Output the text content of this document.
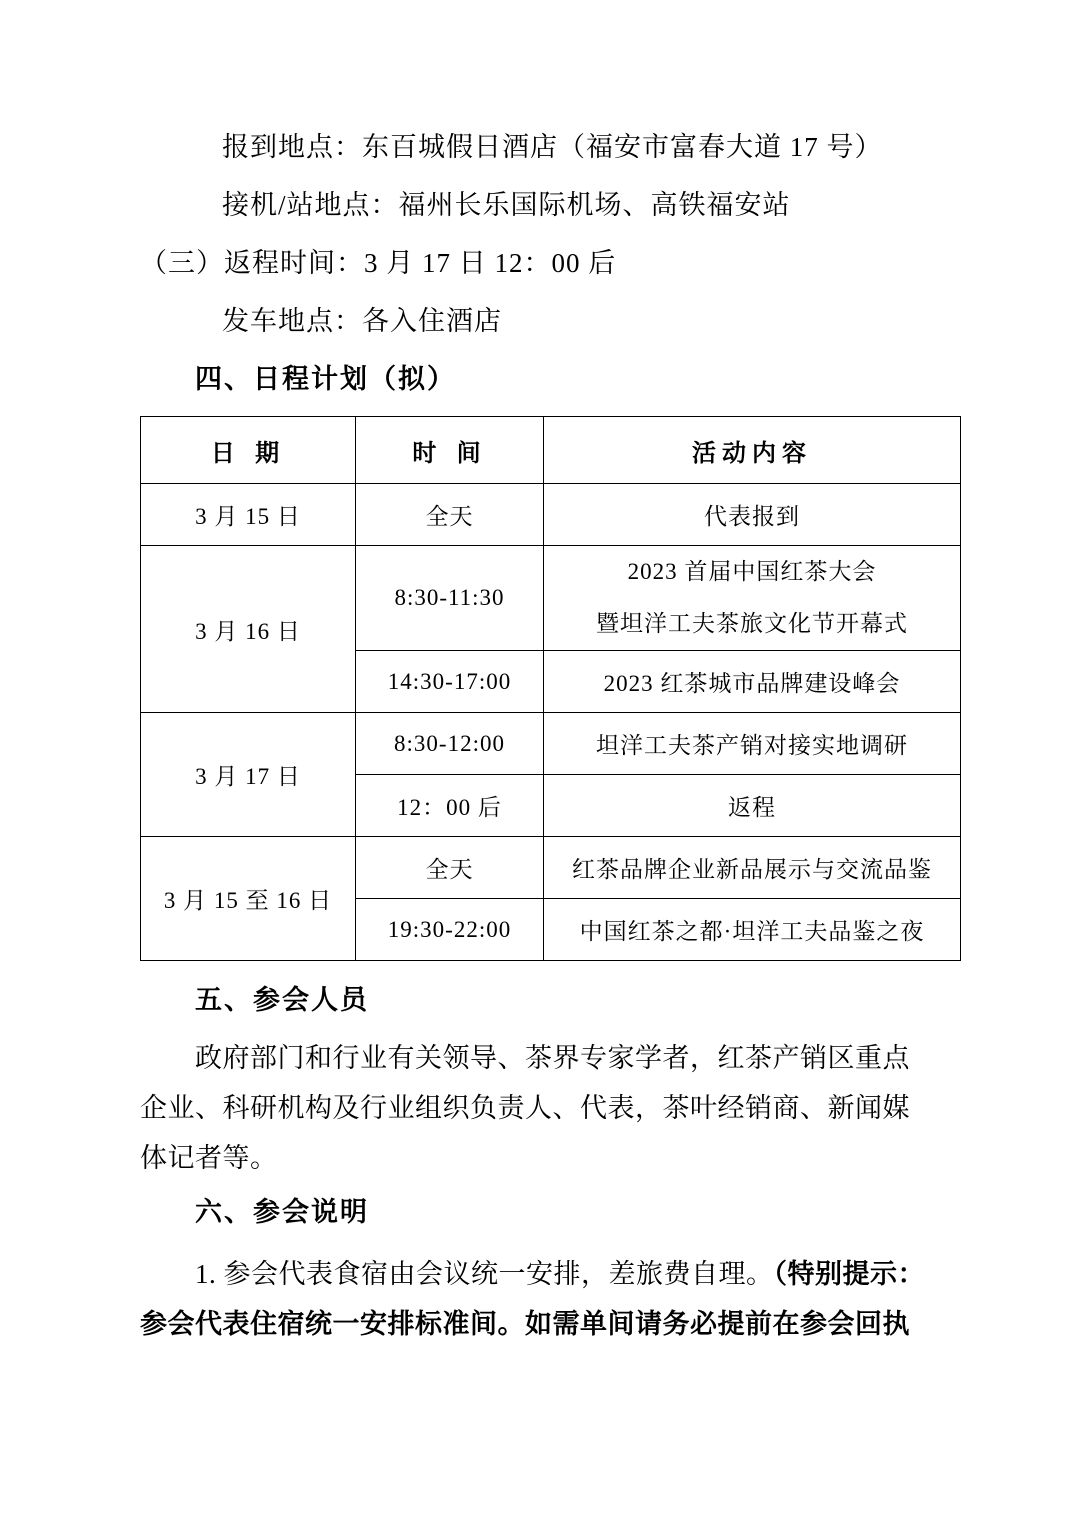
报到地点：东百城假日酒店（福安市富春大道 17 号）
接机/站地点：福州长乐国际机场、高铁福安站
（三）返程时间：3 月 17 日 12：00 后
发车地点：各入住酒店
四、日程计划（拟）
日 期	时 间	活动内容
3 月 15 日	全天	代表报到
3 月 16 日	8:30-11:30	2023 首届中国红茶大会
暨坦洋工夫茶旅文化节开幕式

	14:30-17:00	2023 红茶城市品牌建设峰会
3 月 17 日	8:30-12:00	坦洋工夫茶产销对接实地调研
	12：00 后	返程
3 月 15 至 16 日	全天	红茶品牌企业新品展示与交流品鉴
	19:30-22:00	中国红茶之都·坦洋工夫品鉴之夜
五、参会人员

政府部门和行业有关领导、茶界专家学者，红茶产销区重点

企业、科研机构及行业组织负责人、代表，茶叶经销商、新闻媒

体记者等。

六、参会说明

1. 参会代表食宿由会议统一安排，差旅费自理。（特别提示：

参会代表住宿统一安排标准间。如需单间请务必提前在参会回执
